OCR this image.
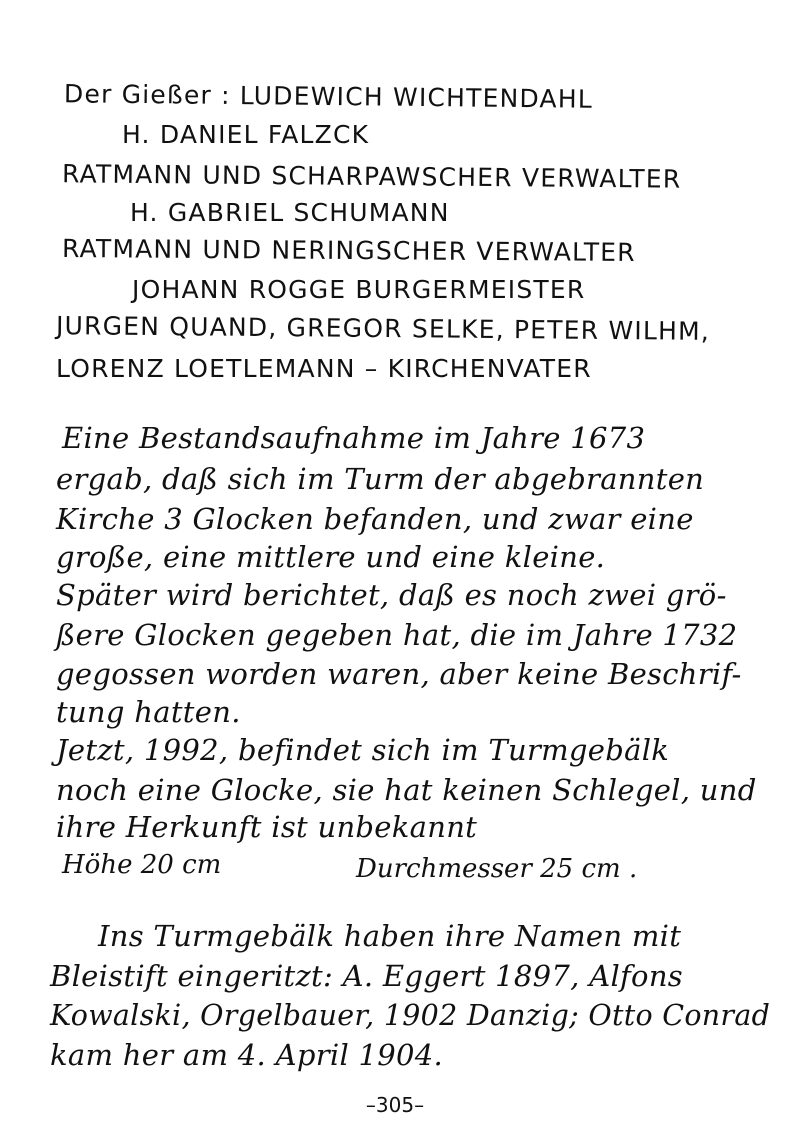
Der Gießer : LUDEWICH WICHTENDAHL
H. DANIEL FALZCK
RATMANN UND SCHARPAWSCHER VERWALTER
H. GABRIEL SCHUMANN
RATMANN UND NERINGSCHER VERWALTER
JOHANN ROGGE BURGERMEISTER
JURGEN QUAND, GREGOR SELKE, PETER WILHM,
LORENZ LOETLEMANN – KIRCHENVATER
Eine Bestandsaufnahme im Jahre 1673
ergab, daß sich im Turm der abgebrannten
Kirche 3 Glocken befanden, und zwar eine
große, eine mittlere und eine kleine.
Später wird berichtet, daß es noch zwei grö-
ßere Glocken gegeben hat, die im Jahre 1732
gegossen worden waren, aber keine Beschrif-
tung hatten.
Jetzt, 1992, befindet sich im Turmgebälk
noch eine Glocke, sie hat keinen Schlegel, und
ihre Herkunft ist unbekannt
Höhe 20 cm	Durchmesser 25 cm .
Ins Turmgebälk haben ihre Namen mit
Bleistift eingeritzt: A. Eggert 1897, Alfons
Kowalski, Orgelbauer, 1902 Danzig; Otto Conrad
kam her am 4. April 1904.
–305–
